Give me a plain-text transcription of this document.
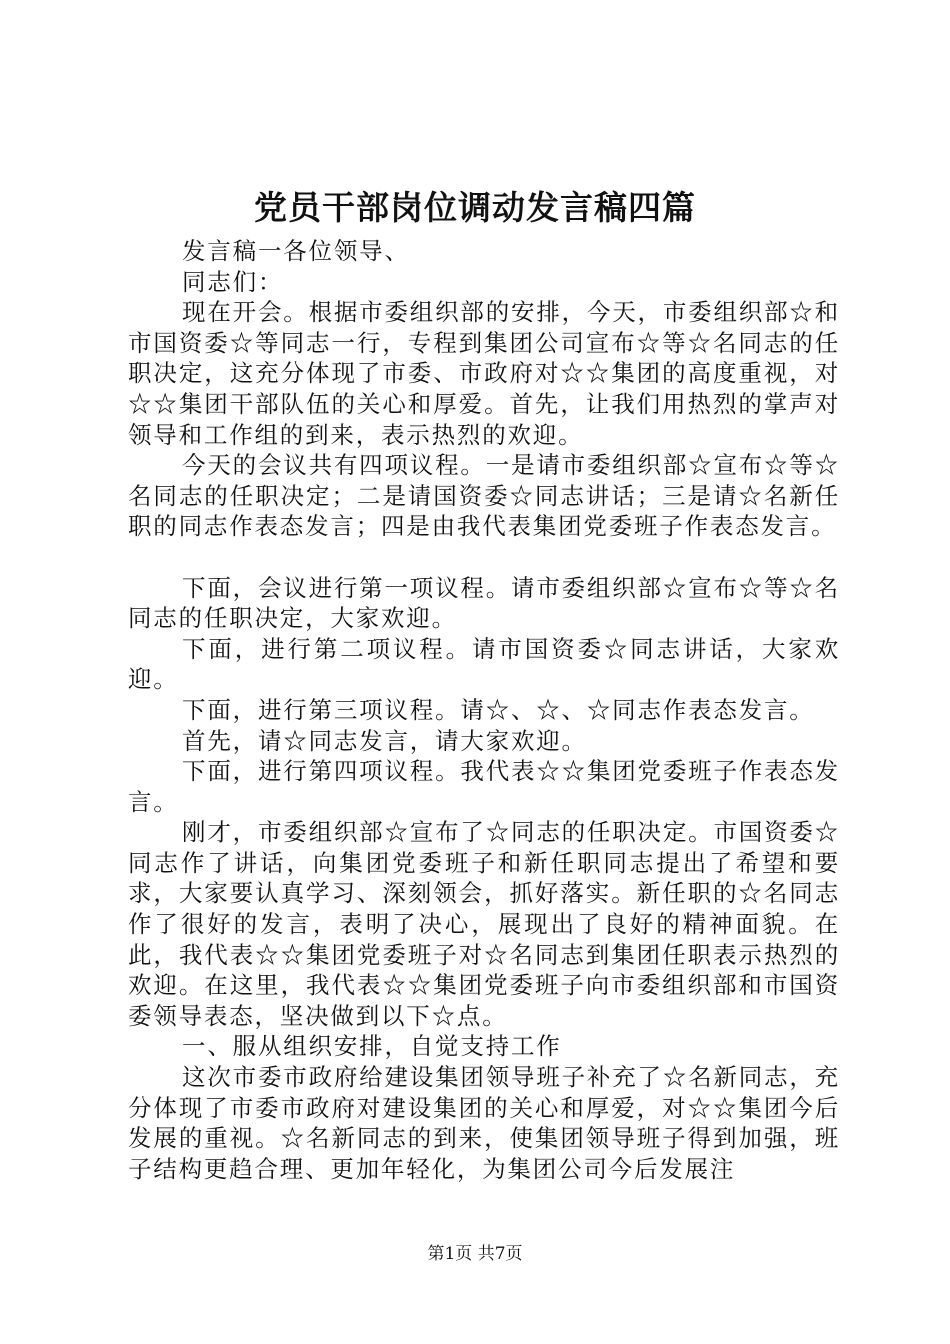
党员干部岗位调动发言稿四篇

发言稿一各位领导、

同志们：

现在开会。根据市委组织部的安排，今天，市委组织部☆和市国资委☆等同志一行，专程到集团公司宣布☆等☆名同志的任职决定，这充分体现了市委、市政府对☆☆集团的高度重视，对☆☆集团干部队伍的关心和厚爱。首先，让我们用热烈的掌声对领导和工作组的到来，表示热烈的欢迎。

今天的会议共有四项议程。一是请市委组织部☆宣布☆等☆名同志的任职决定；二是请国资委☆同志讲话；三是请☆名新任职的同志作表态发言；四是由我代表集团党委班子作表态发言。

下面，会议进行第一项议程。请市委组织部☆宣布☆等☆名同志的任职决定，大家欢迎。

下面，进行第二项议程。请市国资委☆同志讲话，大家欢迎。

下面，进行第三项议程。请☆、☆、☆同志作表态发言。

首先，请☆同志发言，请大家欢迎。

下面，进行第四项议程。我代表☆☆集团党委班子作表态发言。

刚才，市委组织部☆宣布了☆同志的任职决定。市国资委☆同志作了讲话，向集团党委班子和新任职同志提出了希望和要求，大家要认真学习、深刻领会，抓好落实。新任职的☆名同志作了很好的发言，表明了决心，展现出了良好的精神面貌。在此，我代表☆☆集团党委班子对☆名同志到集团任职表示热烈的欢迎。在这里，我代表☆☆集团党委班子向市委组织部和市国资委领导表态，坚决做到以下☆点。

一、服从组织安排，自觉支持工作

这次市委市政府给建设集团领导班子补充了☆名新同志，充分体现了市委市政府对建设集团的关心和厚爱，对☆☆集团今后发展的重视。☆名新同志的到来，使集团领导班子得到加强，班子结构更趋合理、更加年轻化，为集团公司今后发展注

第1页 共7页
